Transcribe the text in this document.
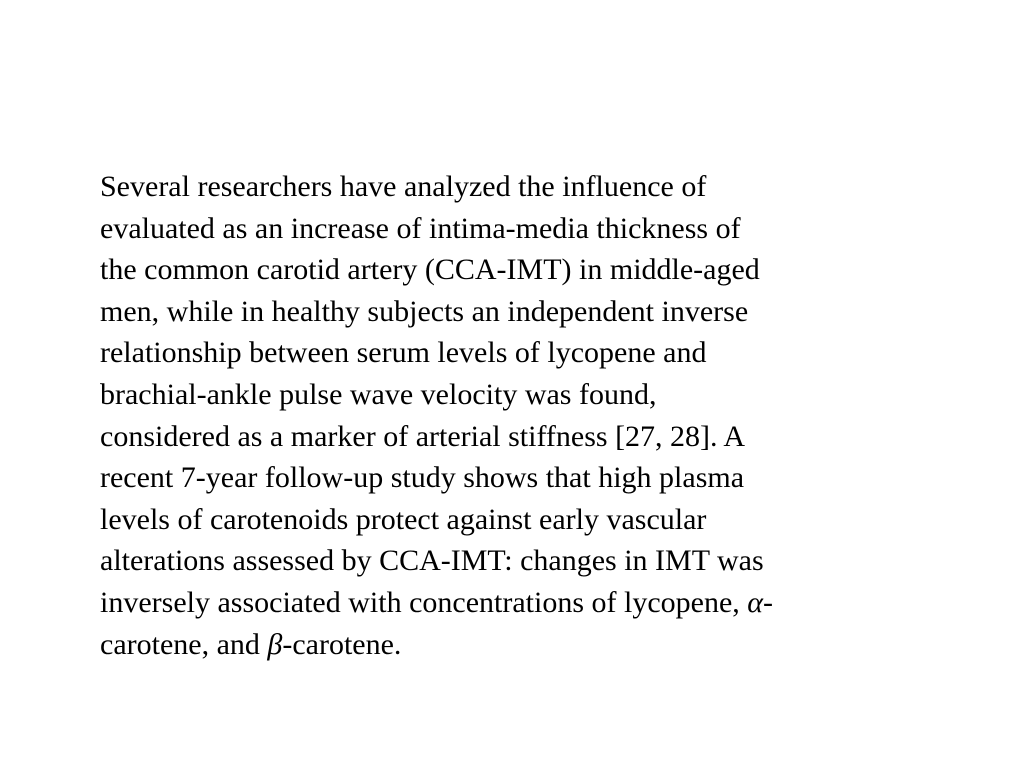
Several researchers have analyzed the influence of
evaluated as an increase of intima-media thickness of
the common carotid artery (CCA-IMT) in middle-aged
men, while in healthy subjects an independent inverse
relationship between serum levels of lycopene and
brachial-ankle pulse wave velocity was found,
considered as a marker of arterial stiffness [27, 28]. A
recent 7-year follow-up study shows that high plasma
levels of carotenoids protect against early vascular
alterations assessed by CCA-IMT: changes in IMT was
inversely associated with concentrations of lycopene, α-
carotene, and β-carotene.
